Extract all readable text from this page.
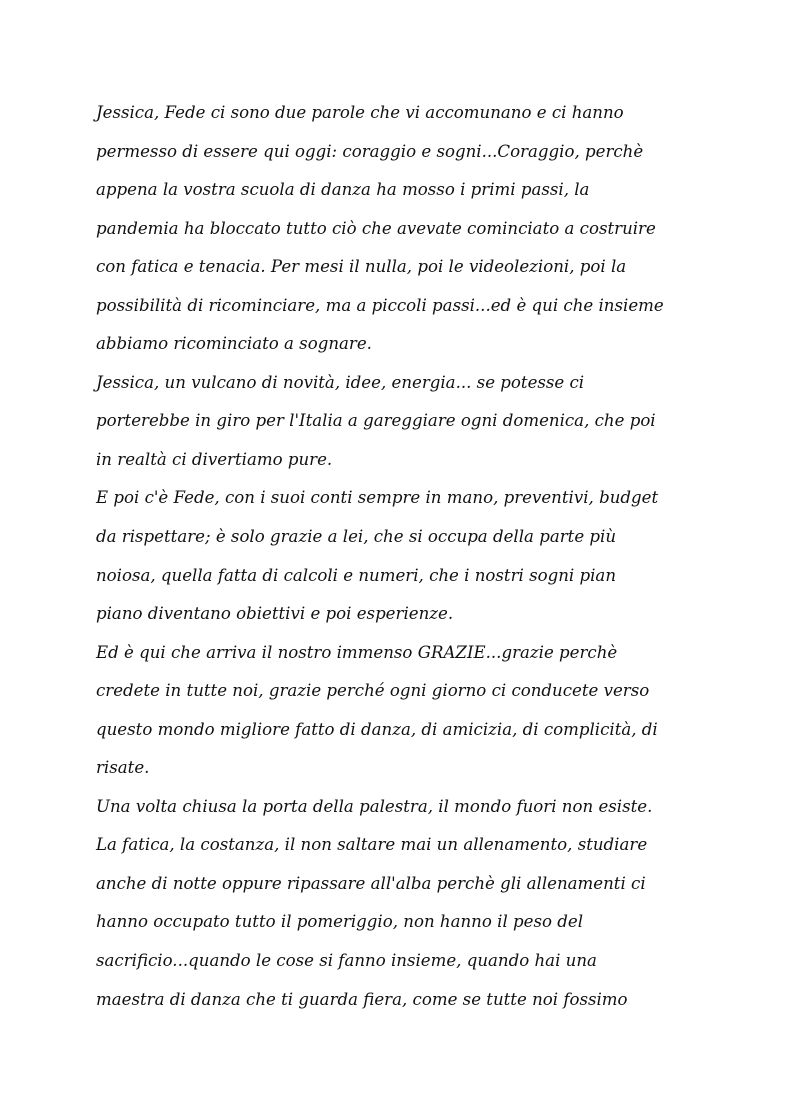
Jessica, Fede ci sono due parole che vi accomunano e ci hanno
permesso di essere qui oggi: coraggio e sogni...Coraggio, perchè
appena la vostra scuola di danza ha mosso i primi passi, la
pandemia ha bloccato tutto ciò che avevate cominciato a costruire
con fatica e tenacia. Per mesi il nulla, poi le videolezioni, poi la
possibilità di ricominciare, ma a piccoli passi...ed è qui che insieme
abbiamo ricominciato a sognare.
Jessica, un vulcano di novità, idee, energia... se potesse ci
porterebbe in giro per l'Italia a gareggiare ogni domenica, che poi
in realtà ci divertiamo pure.
E poi c'è Fede, con i suoi conti sempre in mano, preventivi, budget
da rispettare; è solo grazie a lei, che si occupa della parte più
noiosa, quella fatta di calcoli e numeri, che i nostri sogni pian
piano diventano obiettivi e poi esperienze.
Ed è qui che arriva il nostro immenso GRAZIE...grazie perchè
credete in tutte noi, grazie perché ogni giorno ci conducete verso
questo mondo migliore fatto di danza, di amicizia, di complicità, di
risate.
Una volta chiusa la porta della palestra, il mondo fuori non esiste.
La fatica, la costanza, il non saltare mai un allenamento, studiare
anche di notte oppure ripassare all'alba perchè gli allenamenti ci
hanno occupato tutto il pomeriggio, non hanno il peso del
sacrificio...quando le cose si fanno insieme, quando hai una
maestra di danza che ti guarda fiera, come se tutte noi fossimo
